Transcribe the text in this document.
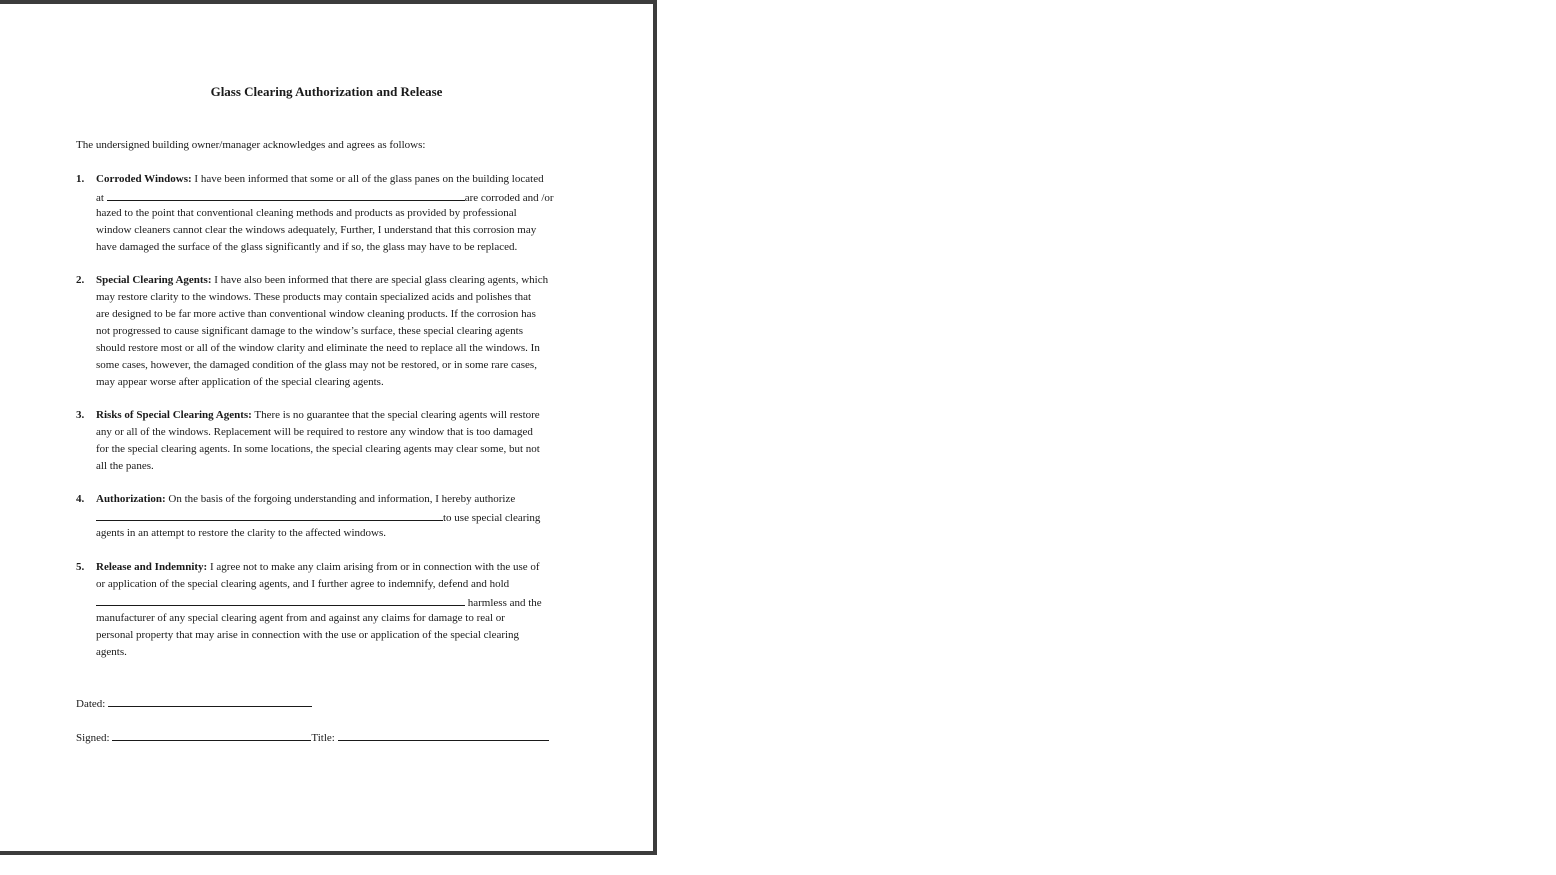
Glass Clearing Authorization and Release

The undersigned building owner/manager acknowledges and agrees as follows:

1. Corroded Windows: I have been informed that some or all of the glass panes on the building located
at	are corroded and /or
hazed to the point that conventional cleaning methods and products as provided by professional
window cleaners cannot clear the windows adequately, Further, I understand that this corrosion may
have damaged the surface of the glass significantly and if so, the glass may have to be replaced.
2. Special Clearing Agents: I have also been informed that there are special glass clearing agents, which
may restore clarity to the windows. These products may contain specialized acids and polishes that
are designed to be far more active than conventional window cleaning products. If the corrosion has
not progressed to cause significant damage to the window’s surface, these special clearing agents
should restore most or all of the window clarity and eliminate the need to replace all the windows. In
some cases, however, the damaged condition of the glass may not be restored, or in some rare cases,
may appear worse after application of the special clearing agents.
3. Risks of Special Clearing Agents: There is no guarantee that the special clearing agents will restore
any or all of the windows. Replacement will be required to restore any window that is too damaged
for the special clearing agents. In some locations, the special clearing agents may clear some, but not
all the panes.
4. Authorization: On the basis of the forgoing understanding and information, I hereby authorize
to use special clearing
agents in an attempt to restore the clarity to the affected windows.
5. Release and Indemnity: I agree not to make any claim arising from or in connection with the use of
or application of the special clearing agents, and I further agree to indemnify, defend and hold
harmless and the
manufacturer of any special clearing agent from and against any claims for damage to real or
personal property that may arise in connection with the use or application of the special clearing
agents.
Dated:
Signed:	Title:
